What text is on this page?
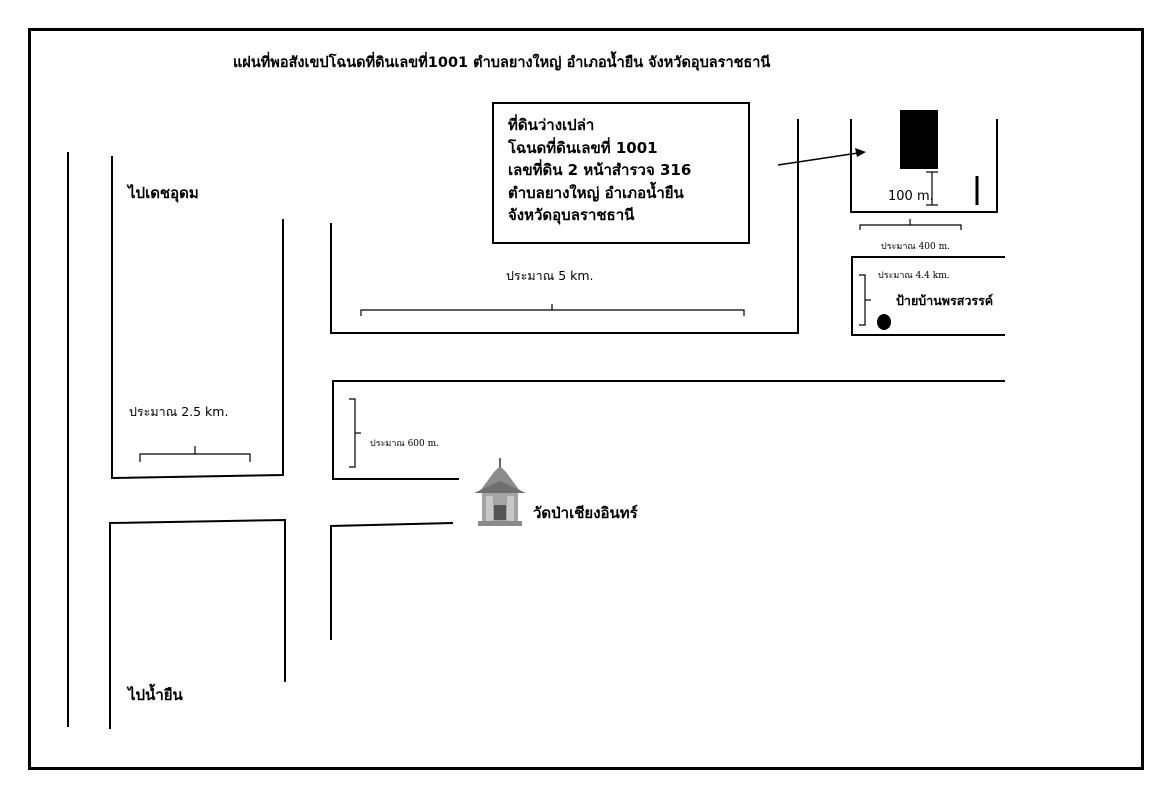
แผ่นที่พอสังเขปโฉนดที่ดินเลขที่1001 ตำบลยางใหญ่ อำเภอน้ำยืน จังหวัดอุบลราชธานี
ที่ดินว่างเปล่า
โฉนดที่ดินเลขที่ 1001
เลขที่ดิน 2 หน้าสำรวจ 316
ตำบลยางใหญ่ อำเภอน้ำยืน
จังหวัดอุบลราชธานี
ไปเดชอุดม
ไปน้ำยืน
วัดป่าเชียงอินทร์
ป้ายบ้านพรสวรรค์
ประมาณ 5 km.
ประมาณ 2.5 km.
ประมาณ 600 m.
ประมาณ 400 m.
ประมาณ 4.4 km.
100 m.
